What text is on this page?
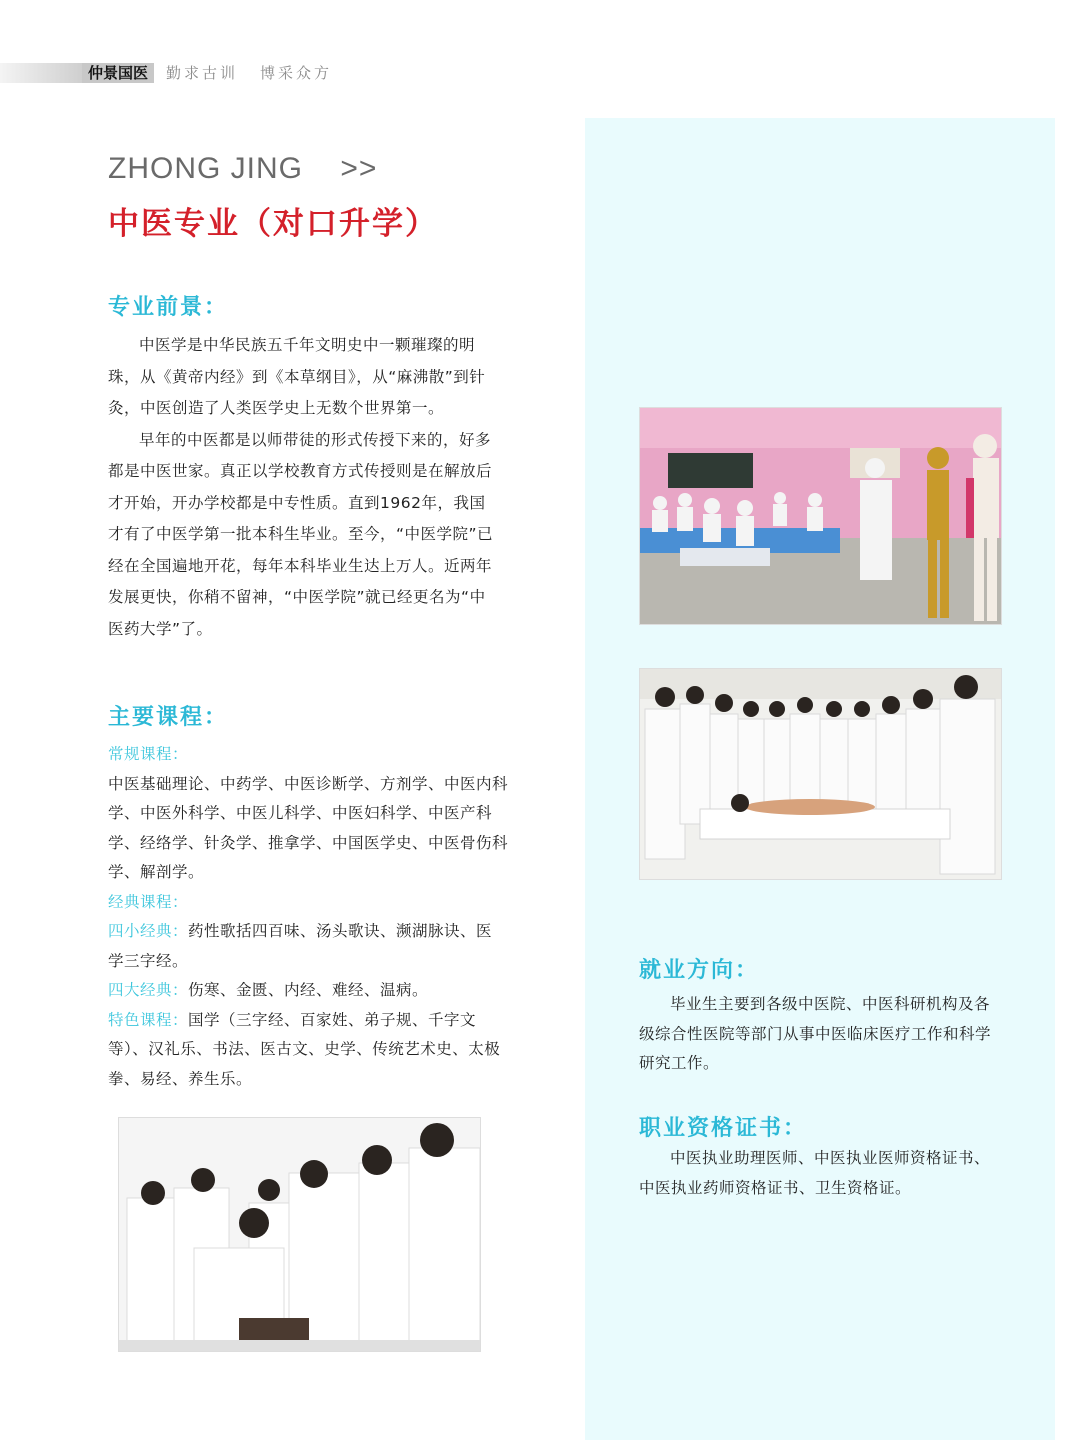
仲景国医	勤求古训 博采众方
ZHONG JING    >>
中医专业（对口升学）
专业前景：

中医学是中华民族五千年文明史中一颗璀璨的明珠，从《黄帝内经》到《本草纲目》，从“麻沸散”到针灸，中医创造了人类医学史上无数个世界第一。

早年的中医都是以师带徒的形式传授下来的，好多都是中医世家。真正以学校教育方式传授则是在解放后才开始，开办学校都是中专性质。直到1962年，我国才有了中医学第一批本科生毕业。至今，“中医学院”已经在全国遍地开花，每年本科毕业生达上万人。近两年发展更快，你稍不留神，“中医学院”就已经更名为“中医药大学”了。

主要课程：
常规课程：
中医基础理论、中药学、中医诊断学、方剂学、中医内科学、中医外科学、中医儿科学、中医妇科学、中医产科学、经络学、针灸学、推拿学、中国医学史、中医骨伤科学、解剖学。
经典课程：
四小经典：药性歌括四百味、汤头歌诀、濒湖脉诀、医学三字经。
四大经典：伤寒、金匮、内经、难经、温病。
特色课程：国学（三字经、百家姓、弟子规、千字文等）、汉礼乐、书法、医古文、史学、传统艺术史、太极拳、易经、养生乐。
就业方向：

毕业生主要到各级中医院、中医科研机构及各级综合性医院等部门从事中医临床医疗工作和科学研究工作。

职业资格证书：

中医执业助理医师、中医执业医师资格证书、中医执业药师资格证书、卫生资格证。
